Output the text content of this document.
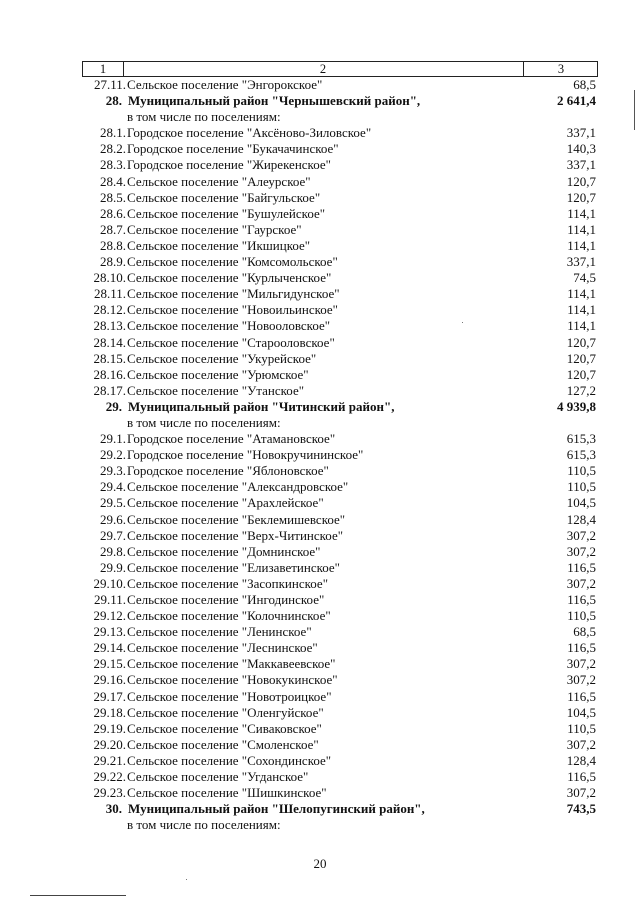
1	2	3
27.11. Сельское поселение "Энгорокское"	68,5
28. Муниципальный район "Чернышевский район",	2 641,4
в том числе по поселениям:
28.1. Городское поселение "Аксёново-Зиловское"	337,1
28.2. Городское поселение "Букачачинское"	140,3
28.3. Городское поселение "Жирекенское"	337,1
28.4. Сельское поселение "Алеурское"	120,7
28.5. Сельское поселение "Байгульское"	120,7
28.6. Сельское поселение "Бушулейское"	114,1
28.7. Сельское поселение "Гаурское"	114,1
28.8. Сельское поселение "Икшицкое"	114,1
28.9. Сельское поселение "Комсомольское"	337,1
28.10. Сельское поселение "Курлыченское"	74,5
28.11. Сельское поселение "Мильгидунское"	114,1
28.12. Сельское поселение "Новоильинское"	114,1
28.13. Сельское поселение "Новооловское"	114,1
28.14. Сельское поселение "Старооловское"	120,7
28.15. Сельское поселение "Укурейское"	120,7
28.16. Сельское поселение "Урюмское"	120,7
28.17. Сельское поселение "Утанское"	127,2
29. Муниципальный район "Читинский район",	4 939,8
в том числе по поселениям:
29.1. Городское поселение "Атамановское"	615,3
29.2. Городское поселение "Новокручининское"	615,3
29.3. Городское поселение "Яблоновское"	110,5
29.4. Сельское поселение "Александровское"	110,5
29.5. Сельское поселение "Арахлейское"	104,5
29.6. Сельское поселение "Беклемишевское"	128,4
29.7. Сельское поселение "Верх-Читинское"	307,2
29.8. Сельское поселение "Домнинское"	307,2
29.9. Сельское поселение "Елизаветинское"	116,5
29.10. Сельское поселение "Засопкинское"	307,2
29.11. Сельское поселение "Ингодинское"	116,5
29.12. Сельское поселение "Колочнинское"	110,5
29.13. Сельское поселение "Ленинское"	68,5
29.14. Сельское поселение "Леснинское"	116,5
29.15. Сельское поселение "Маккавеевское"	307,2
29.16. Сельское поселение "Новокукинское"	307,2
29.17. Сельское поселение "Новотроицкое"	116,5
29.18. Сельское поселение "Оленгуйское"	104,5
29.19. Сельское поселение "Сиваковское"	110,5
29.20. Сельское поселение "Смоленское"	307,2
29.21. Сельское поселение "Сохондинское"	128,4
29.22. Сельское поселение "Угданское"	116,5
29.23. Сельское поселение "Шишкинское"	307,2
30. Муниципальный район "Шелопугинский район",	743,5
в том числе по поселениям:
20
